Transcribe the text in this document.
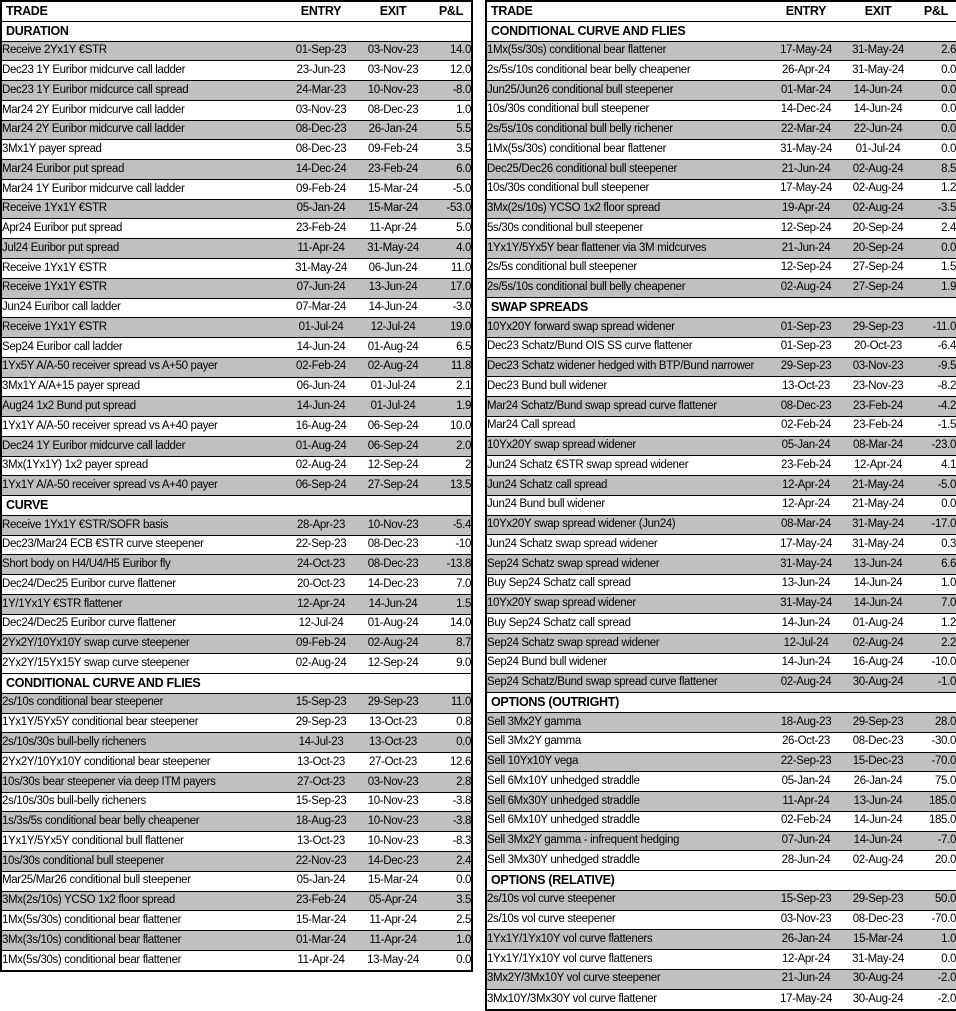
TRADE	ENTRY	EXIT	P&L
DURATION			
Receive 2Yx1Y €STR	01-Sep-23	03-Nov-23	14.0
Dec23 1Y Euribor midcurve call ladder	23-Jun-23	03-Nov-23	12.0
Dec23 1Y Euribor midcurce call spread	24-Mar-23	10-Nov-23	-8.0
Mar24 2Y Euribor midcurve call ladder	03-Nov-23	08-Dec-23	1.0
Mar24 2Y Euribor midcurve call ladder	08-Dec-23	26-Jan-24	5.5
3Mx1Y payer spread	08-Dec-23	09-Feb-24	3.5
Mar24 Euribor put spread	14-Dec-24	23-Feb-24	6.0
Mar24 1Y Euribor midcurve call ladder	09-Feb-24	15-Mar-24	-5.0
Receive 1Yx1Y €STR	05-Jan-24	15-Mar-24	-53.0
Apr24 Euribor put spread	23-Feb-24	11-Apr-24	5.0
Jul24 Euribor put spread	11-Apr-24	31-May-24	4.0
Receive 1Yx1Y €STR	31-May-24	06-Jun-24	11.0
Receive 1Yx1Y €STR	07-Jun-24	13-Jun-24	17.0
Jun24 Euribor call ladder	07-Mar-24	14-Jun-24	-3.0
Receive 1Yx1Y €STR	01-Jul-24	12-Jul-24	19.0
Sep24 Euribor call ladder	14-Jun-24	01-Aug-24	6.5
1Yx5Y A/A-50 receiver spread vs A+50 payer	02-Feb-24	02-Aug-24	11.8
3Mx1Y A/A+15 payer spread	06-Jun-24	01-Jul-24	2.1
Aug24 1x2 Bund put spread	14-Jun-24	01-Jul-24	1.9
1Yx1Y A/A-50 receiver spread vs A+40 payer	16-Aug-24	06-Sep-24	10.0
Dec24 1Y Euribor midcurve call ladder	01-Aug-24	06-Sep-24	2.0
3Mx(1Yx1Y) 1x2 payer spread	02-Aug-24	12-Sep-24	2
1Yx1Y A/A-50 receiver spread vs A+40 payer	06-Sep-24	27-Sep-24	13.5
CURVE			
Receive 1Yx1Y €STR/SOFR basis	28-Apr-23	10-Nov-23	-5.4
Dec23/Mar24 ECB €STR curve steepener	22-Sep-23	08-Dec-23	-10
Short body on H4/U4/H5 Euribor fly	24-Oct-23	08-Dec-23	-13.8
Dec24/Dec25 Euribor curve flattener	20-Oct-23	14-Dec-23	7.0
1Y/1Yx1Y €STR flattener	12-Apr-24	14-Jun-24	1.5
Dec24/Dec25 Euribor curve flattener	12-Jul-24	01-Aug-24	14.0
2Yx2Y/10Yx10Y swap curve steepener	09-Feb-24	02-Aug-24	8.7
2Yx2Y/15Yx15Y swap curve steepener	02-Aug-24	12-Sep-24	9.0
CONDITIONAL CURVE AND FLIES			
2s/10s conditional bear steepener	15-Sep-23	29-Sep-23	11.0
1Yx1Y/5Yx5Y conditional bear steepener	29-Sep-23	13-Oct-23	0.8
2s/10s/30s bull-belly richeners	14-Jul-23	13-Oct-23	0.0
2Yx2Y/10Yx10Y conditional bear steepener	13-Oct-23	27-Oct-23	12.6
10s/30s bear steepener via deep ITM payers	27-Oct-23	03-Nov-23	2.8
2s/10s/30s bull-belly richeners	15-Sep-23	10-Nov-23	-3.8
1s/3s/5s conditional bear belly cheapener	18-Aug-23	10-Nov-23	-3.8
1Yx1Y/5Yx5Y conditional bull flattener	13-Oct-23	10-Nov-23	-8.3
10s/30s conditional bull steepener	22-Nov-23	14-Dec-23	2.4
Mar25/Mar26 conditional bull steepener	05-Jan-24	15-Mar-24	0.0
3Mx(2s/10s) YCSO 1x2 floor spread	23-Feb-24	05-Apr-24	3.5
1Mx(5s/30s) conditional bear flattener	15-Mar-24	11-Apr-24	2.5
3Mx(3s/10s) conditional bear flattener	01-Mar-24	11-Apr-24	1.0
1Mx(5s/30s) conditional bear flattener	11-Apr-24	13-May-24	0.0
TRADE	ENTRY	EXIT	P&L
CONDITIONAL CURVE AND FLIES			
1Mx(5s/30s) conditional bear flattener	17-May-24	31-May-24	2.6
2s/5s/10s conditional bear belly cheapener	26-Apr-24	31-May-24	0.0
Jun25/Jun26 conditional bull steepener	01-Mar-24	14-Jun-24	0.0
10s/30s conditional bull steepener	14-Dec-24	14-Jun-24	0.0
2s/5s/10s conditional bull belly richener	22-Mar-24	22-Jun-24	0.0
1Mx(5s/30s) conditional bear flattener	31-May-24	01-Jul-24	0.0
Dec25/Dec26 conditional bull steepener	21-Jun-24	02-Aug-24	8.5
10s/30s conditional bull steepener	17-May-24	02-Aug-24	1.2
3Mx(2s/10s) YCSO 1x2 floor spread	19-Apr-24	02-Aug-24	-3.5
5s/30s conditional bull steepener	12-Sep-24	20-Sep-24	2.4
1Yx1Y/5Yx5Y bear flattener via 3M midcurves	21-Jun-24	20-Sep-24	0.0
2s/5s conditional bull steepener	12-Sep-24	27-Sep-24	1.5
2s/5s/10s conditional bull belly cheapener	02-Aug-24	27-Sep-24	1.9
SWAP SPREADS			
10Yx20Y forward swap spread widener	01-Sep-23	29-Sep-23	-11.0
Dec23 Schatz/Bund OIS SS curve flattener	01-Sep-23	20-Oct-23	-6.4
Dec23 Schatz widener hedged with BTP/Bund narrower	29-Sep-23	03-Nov-23	-9.5
Dec23 Bund bull widener	13-Oct-23	23-Nov-23	-8.2
Mar24 Schatz/Bund swap spread curve flattener	08-Dec-23	23-Feb-24	-4.2
Mar24 Call spread	02-Feb-24	23-Feb-24	-1.5
10Yx20Y swap spread widener	05-Jan-24	08-Mar-24	-23.0
Jun24 Schatz €STR swap spread widener	23-Feb-24	12-Apr-24	4.1
Jun24 Schatz call spread	12-Apr-24	21-May-24	-5.0
Jun24 Bund bull widener	12-Apr-24	21-May-24	0.0
10Yx20Y swap spread widener (Jun24)	08-Mar-24	31-May-24	-17.0
Jun24 Schatz swap spread widener	17-May-24	31-May-24	0.3
Sep24 Schatz swap spread widener	31-May-24	13-Jun-24	6.6
Buy Sep24 Schatz call spread	13-Jun-24	14-Jun-24	1.0
10Yx20Y swap spread widener	31-May-24	14-Jun-24	7.0
Buy Sep24 Schatz call spread	14-Jun-24	01-Aug-24	1.2
Sep24 Schatz swap spread widener	12-Jul-24	02-Aug-24	2.2
Sep24 Bund bull widener	14-Jun-24	16-Aug-24	-10.0
Sep24 Schatz/Bund swap spread curve flattener	02-Aug-24	30-Aug-24	-1.0
OPTIONS (OUTRIGHT)			
Sell 3Mx2Y gamma	18-Aug-23	29-Sep-23	28.0
Sell 3Mx2Y gamma	26-Oct-23	08-Dec-23	-30.0
Sell 10Yx10Y vega	22-Sep-23	15-Dec-23	-70.0
Sell 6Mx10Y unhedged straddle	05-Jan-24	26-Jan-24	75.0
Sell 6Mx30Y unhedged straddle	11-Apr-24	13-Jun-24	185.0
Sell 6Mx10Y unhedged straddle	02-Feb-24	14-Jun-24	185.0
Sell 3Mx2Y gamma - infrequent hedging	07-Jun-24	14-Jun-24	-7.0
Sell 3Mx30Y unhedged straddle	28-Jun-24	02-Aug-24	20.0
OPTIONS (RELATIVE)			
2s/10s vol curve steepener	15-Sep-23	29-Sep-23	50.0
2s/10s vol curve steepener	03-Nov-23	08-Dec-23	-70.0
1Yx1Y/1Yx10Y vol curve flatteners	26-Jan-24	15-Mar-24	1.0
1Yx1Y/1Yx10Y vol curve flatteners	12-Apr-24	31-May-24	0.0
3Mx2Y/3Mx10Y vol curve steepener	21-Jun-24	30-Aug-24	-2.0
3Mx10Y/3Mx30Y vol curve flattener	17-May-24	30-Aug-24	-2.0
